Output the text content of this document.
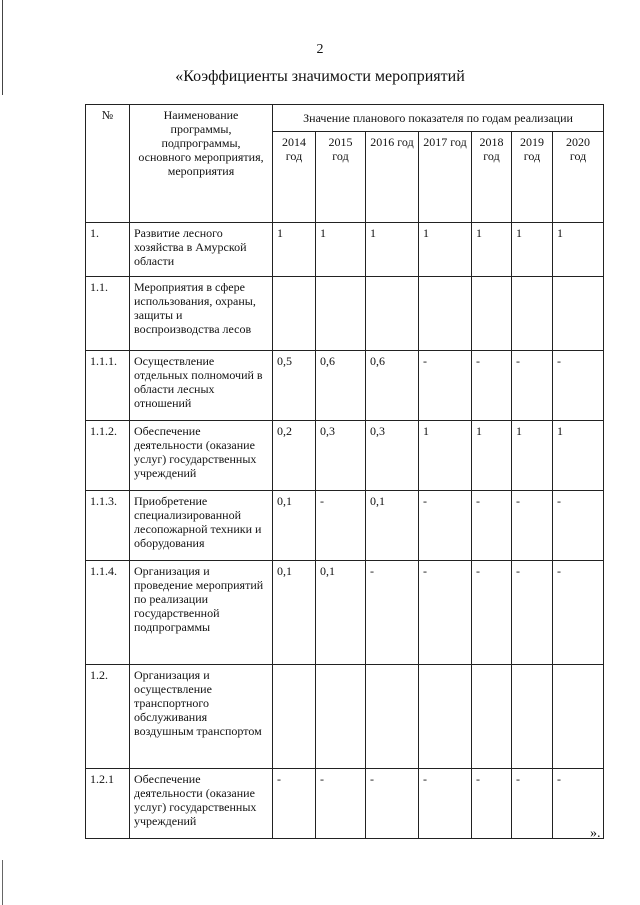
2
«Коэффициенты значимости мероприятий
№	Наименование программы, подпрограммы, основного мероприятия, мероприятия	Значение планового показателя по годам реализации						
		2014 год	2015 год	2016 год	2017 год	2018 год	2019 год	2020 год
1.	Развитие лесного хозяйства в Амурской области	1	1	1	1	1	1	1
1.1.	Мероприятия в сфере использования, охраны, защиты и воспроизводства лесов							
1.1.1.	Осуществление отдельных полномочий в области лесных отношений	0,5	0,6	0,6	-	-	-	-
1.1.2.	Обеспечение деятельности (оказание услуг) государственных учреждений	0,2	0,3	0,3	1	1	1	1
1.1.3.	Приобретение специализированной лесопожарной техники и оборудования	0,1	-	0,1	-	-	-	-
1.1.4.	Организация и проведение мероприятий по реализации государственной подпрограммы	0,1	0,1	-	-	-	-	-
1.2.	Организация и осуществление транспортного обслуживания воздушным транспортом							
1.2.1	Обеспечение деятельности (оказание услуг) государственных учреждений	-	-	-	-	-	-	-
».
